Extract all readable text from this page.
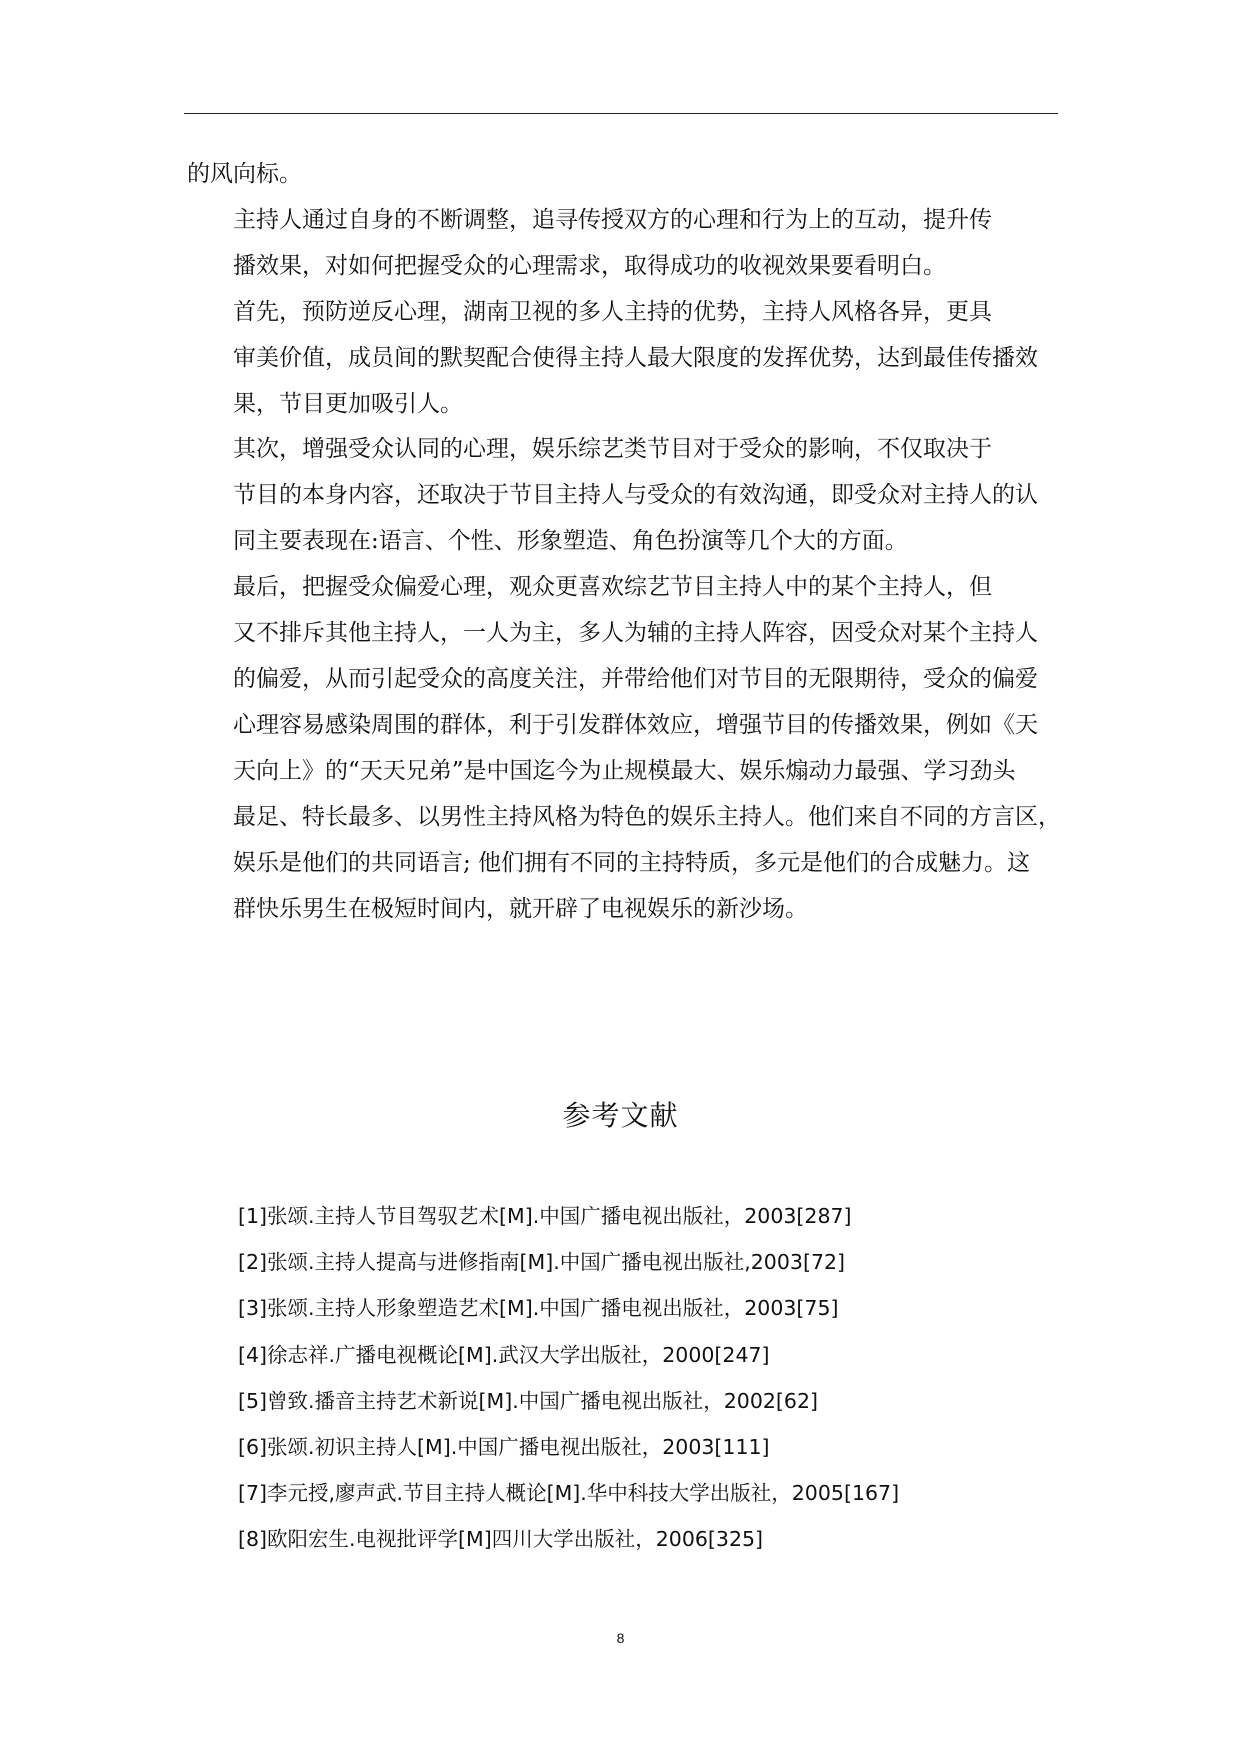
的风向标。

主持人通过自身的不断调整，追寻传授双方的心理和行为上的互动，提升传
播效果，对如何把握受众的心理需求，取得成功的收视效果要看明白。

首先，预防逆反心理，湖南卫视的多人主持的优势，主持人风格各异，更具
审美价值，成员间的默契配合使得主持人最大限度的发挥优势，达到最佳传播效
果，节目更加吸引人。

其次，增强受众认同的心理，娱乐综艺类节目对于受众的影响，不仅取决于
节目的本身内容，还取决于节目主持人与受众的有效沟通，即受众对主持人的认
同主要表现在:语言、个性、形象塑造、角色扮演等几个大的方面。

最后，把握受众偏爱心理，观众更喜欢综艺节目主持人中的某个主持人，但
又不排斥其他主持人，一人为主，多人为辅的主持人阵容，因受众对某个主持人
的偏爱，从而引起受众的高度关注，并带给他们对节目的无限期待，受众的偏爱
心理容易感染周围的群体，利于引发群体效应，增强节目的传播效果，例如《天
天向上》的“天天兄弟”是中国迄今为止规模最大、娱乐煽动力最强、学习劲头
最足、特长最多、以男性主持风格为特色的娱乐主持人。他们来自不同的方言区，
娱乐是他们的共同语言; 他们拥有不同的主持特质，多元是他们的合成魅力。这
群快乐男生在极短时间内，就开辟了电视娱乐的新沙场。

参考文献
[1]张颂.主持人节目驾驭艺术[M].中国广播电视出版社，2003[287]
[2]张颂.主持人提高与进修指南[M].中国广播电视出版社,2003[72]
[3]张颂.主持人形象塑造艺术[M].中国广播电视出版社，2003[75]
[4]徐志祥.广播电视概论[M].武汉大学出版社，2000[247]
[5]曾致.播音主持艺术新说[M].中国广播电视出版社，2002[62]
[6]张颂.初识主持人[M].中国广播电视出版社，2003[111]
[7]李元授,廖声武.节目主持人概论[M].华中科技大学出版社，2005[167]
[8]欧阳宏生.电视批评学[M]四川大学出版社，2006[325]
8
